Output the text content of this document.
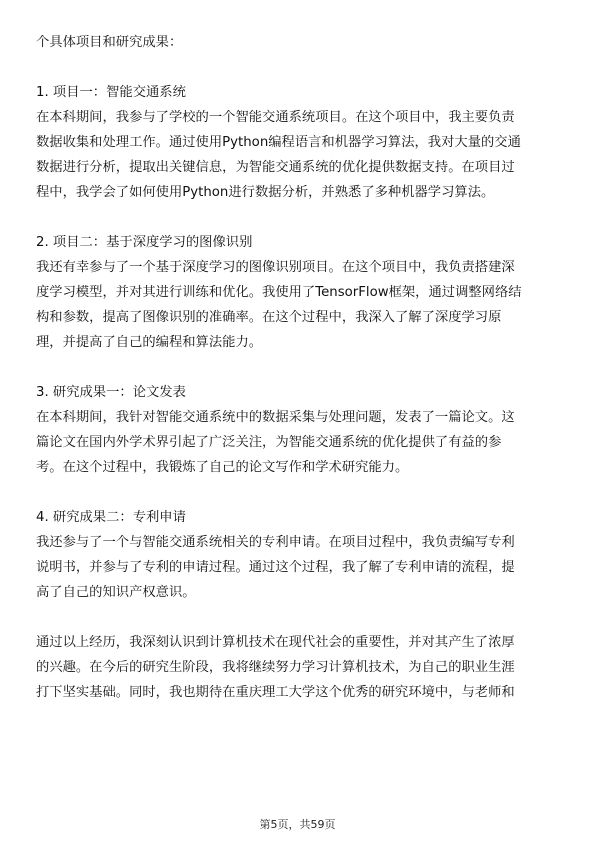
个具体项目和研究成果：
1. 项目一：智能交通系统
在本科期间，我参与了学校的一个智能交通系统项目。在这个项目中，我主要负责
数据收集和处理工作。通过使用Python编程语言和机器学习算法，我对大量的交通
数据进行分析，提取出关键信息，为智能交通系统的优化提供数据支持。在项目过
程中，我学会了如何使用Python进行数据分析，并熟悉了多种机器学习算法。
2. 项目二：基于深度学习的图像识别
我还有幸参与了一个基于深度学习的图像识别项目。在这个项目中，我负责搭建深
度学习模型，并对其进行训练和优化。我使用了TensorFlow框架，通过调整网络结
构和参数，提高了图像识别的准确率。在这个过程中，我深入了解了深度学习原
理，并提高了自己的编程和算法能力。
3. 研究成果一：论文发表
在本科期间，我针对智能交通系统中的数据采集与处理问题，发表了一篇论文。这
篇论文在国内外学术界引起了广泛关注，为智能交通系统的优化提供了有益的参
考。在这个过程中，我锻炼了自己的论文写作和学术研究能力。
4. 研究成果二：专利申请
我还参与了一个与智能交通系统相关的专利申请。在项目过程中，我负责编写专利
说明书，并参与了专利的申请过程。通过这个过程，我了解了专利申请的流程，提
高了自己的知识产权意识。
通过以上经历，我深刻认识到计算机技术在现代社会的重要性，并对其产生了浓厚
的兴趣。在今后的研究生阶段，我将继续努力学习计算机技术，为自己的职业生涯
打下坚实基础。同时，我也期待在重庆理工大学这个优秀的研究环境中，与老师和
第5页，共59页
